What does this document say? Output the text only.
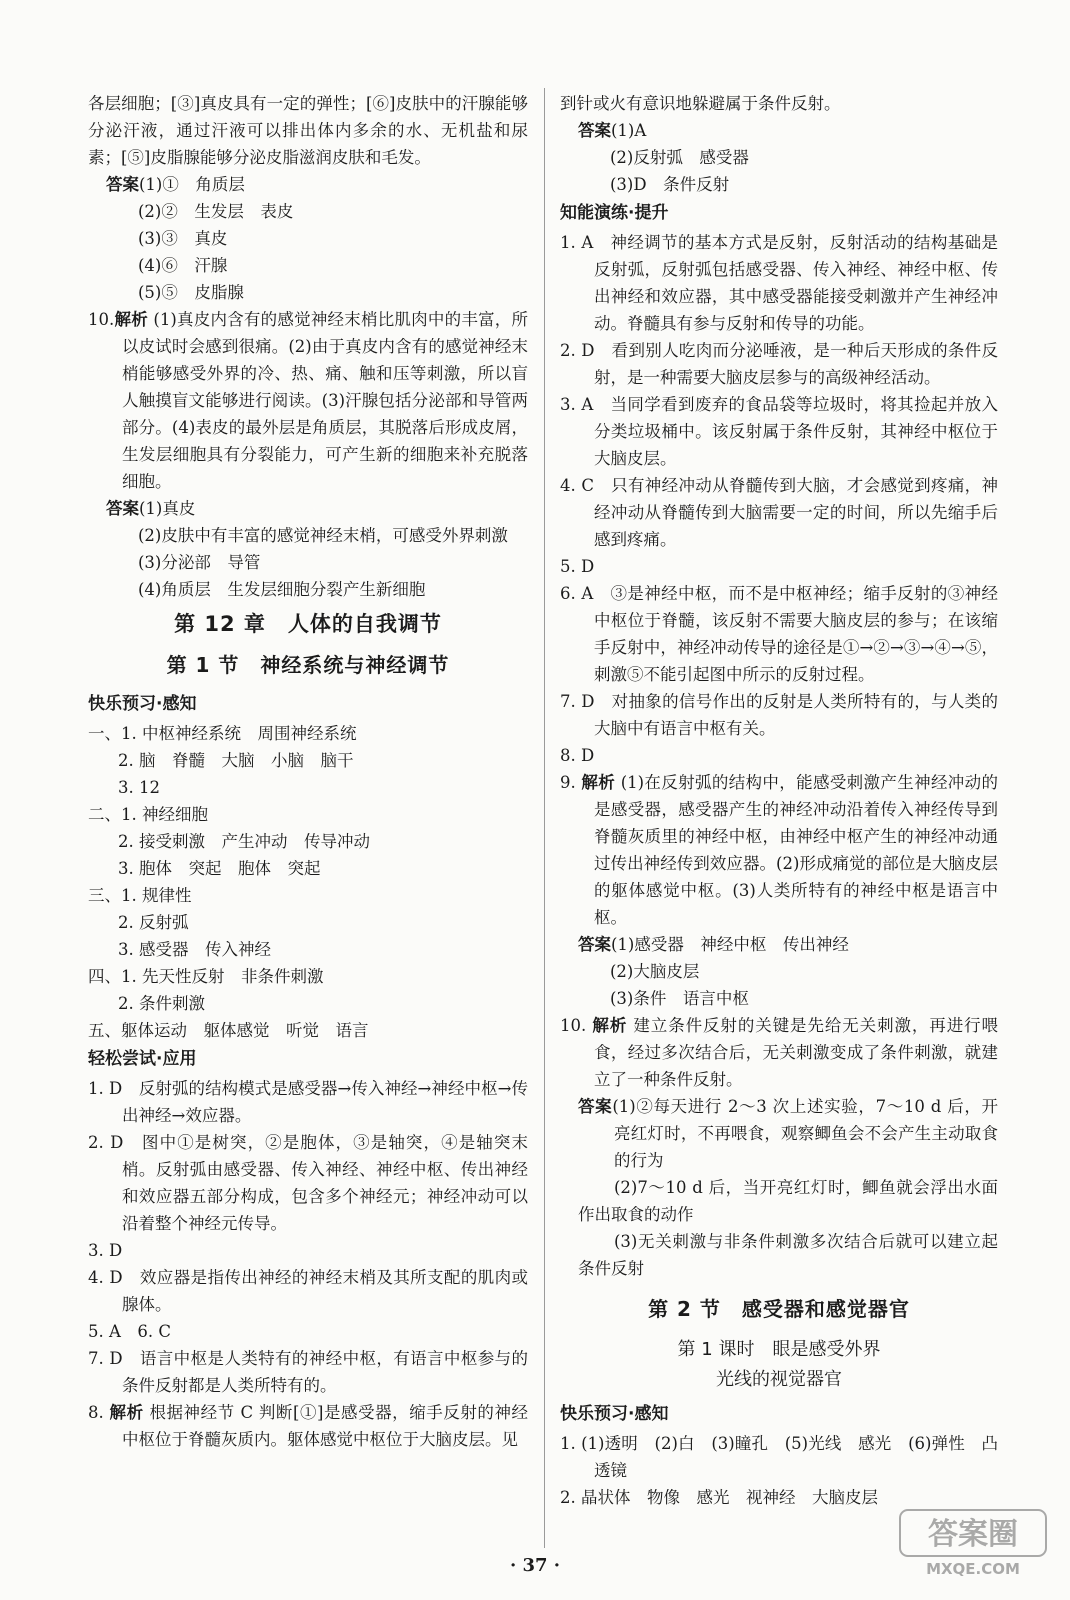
各层细胞；[③]真皮具有一定的弹性；[⑥]皮肤中的汗腺能够分泌汗液，通过汗液可以排出体内多余的水、无机盐和尿素；[⑤]皮脂腺能够分泌皮脂滋润皮肤和毛发。

答案(1)①　角质层
(2)②　生发层　表皮
(3)③　真皮
(4)⑥　汗腺
(5)⑤　皮脂腺

10.解析 (1)真皮内含有的感觉神经末梢比肌肉中的丰富，所以皮试时会感到很痛。(2)由于真皮内含有的感觉神经末梢能够感受外界的冷、热、痛、触和压等刺激，所以盲人触摸盲文能够进行阅读。(3)汗腺包括分泌部和导管两部分。(4)表皮的最外层是角质层，其脱落后形成皮屑，生发层细胞具有分裂能力，可产生新的细胞来补充脱落细胞。

答案(1)真皮

(2)皮肤中有丰富的感觉神经末梢，可感受外界刺激

(3)分泌部　导管
(4)角质层　生发层细胞分裂产生新细胞
第 12 章　人体的自我调节
第 1 节　神经系统与神经调节
快乐预习·感知
一、1. 中枢神经系统　周围神经系统
2. 脑　脊髓　大脑　小脑　脑干
3. 12
二、1. 神经细胞
2. 接受刺激　产生冲动　传导冲动
3. 胞体　突起　胞体　突起
三、1. 规律性
2. 反射弧
3. 感受器　传入神经
四、1. 先天性反射　非条件刺激
2. 条件刺激
五、躯体运动　躯体感觉　听觉　语言
轻松尝试·应用

1. D　反射弧的结构模式是感受器→传入神经→神经中枢→传出神经→效应器。

2. D　图中①是树突，②是胞体，③是轴突，④是轴突末梢。反射弧由感受器、传入神经、神经中枢、传出神经和效应器五部分构成，包含多个神经元；神经冲动可以沿着整个神经元传导。

3. D

4. D　效应器是指传出神经的神经末梢及其所支配的肌肉或腺体。

5. A　6. C

7. D　语言中枢是人类特有的神经中枢，有语言中枢参与的条件反射都是人类所特有的。

8. 解析 根据神经节 C 判断[①]是感受器，缩手反射的神经中枢位于脊髓灰质内。躯体感觉中枢位于大脑皮层。见

到针或火有意识地躲避属于条件反射。

答案(1)A
(2)反射弧　感受器
(3)D　条件反射
知能演练·提升

1. A　神经调节的基本方式是反射，反射活动的结构基础是反射弧，反射弧包括感受器、传入神经、神经中枢、传出神经和效应器，其中感受器能接受刺激并产生神经冲动。脊髓具有参与反射和传导的功能。

2. D　看到别人吃肉而分泌唾液，是一种后天形成的条件反射，是一种需要大脑皮层参与的高级神经活动。

3. A　当同学看到废弃的食品袋等垃圾时，将其捡起并放入分类垃圾桶中。该反射属于条件反射，其神经中枢位于大脑皮层。

4. C　只有神经冲动从脊髓传到大脑，才会感觉到疼痛，神经冲动从脊髓传到大脑需要一定的时间，所以先缩手后感到疼痛。

5. D

6. A　③是神经中枢，而不是中枢神经；缩手反射的③神经中枢位于脊髓，该反射不需要大脑皮层的参与；在该缩手反射中，神经冲动传导的途径是①→②→③→④→⑤，刺激⑤不能引起图中所示的反射过程。

7. D　对抽象的信号作出的反射是人类所特有的，与人类的大脑中有语言中枢有关。

8. D

9. 解析 (1)在反射弧的结构中，能感受刺激产生神经冲动的是感受器，感受器产生的神经冲动沿着传入神经传导到脊髓灰质里的神经中枢，由神经中枢产生的神经冲动通过传出神经传到效应器。(2)形成痛觉的部位是大脑皮层的躯体感觉中枢。(3)人类所特有的神经中枢是语言中枢。

答案(1)感受器　神经中枢　传出神经
(2)大脑皮层
(3)条件　语言中枢

10. 解析 建立条件反射的关键是先给无关刺激，再进行喂食，经过多次结合后，无关刺激变成了条件刺激，就建立了一种条件反射。

答案(1)②每天进行 2～3 次上述实验，7～10 d 后，开亮红灯时，不再喂食，观察鲫鱼会不会产生主动取食的行为

(2)7～10 d 后，当开亮红灯时，鲫鱼就会浮出水面作出取食的动作

(3)无关刺激与非条件刺激多次结合后就可以建立起条件反射

第 2 节　感受器和感觉器官
第 1 课时　眼是感受外界
光线的视觉器官
快乐预习·感知

1. (1)透明　(2)白　(3)瞳孔　(5)光线　感光　(6)弹性　凸透镜

2. 晶状体　物像　感光　视神经　大脑皮层

· 37 ·
答案圈
MXQE.COM
